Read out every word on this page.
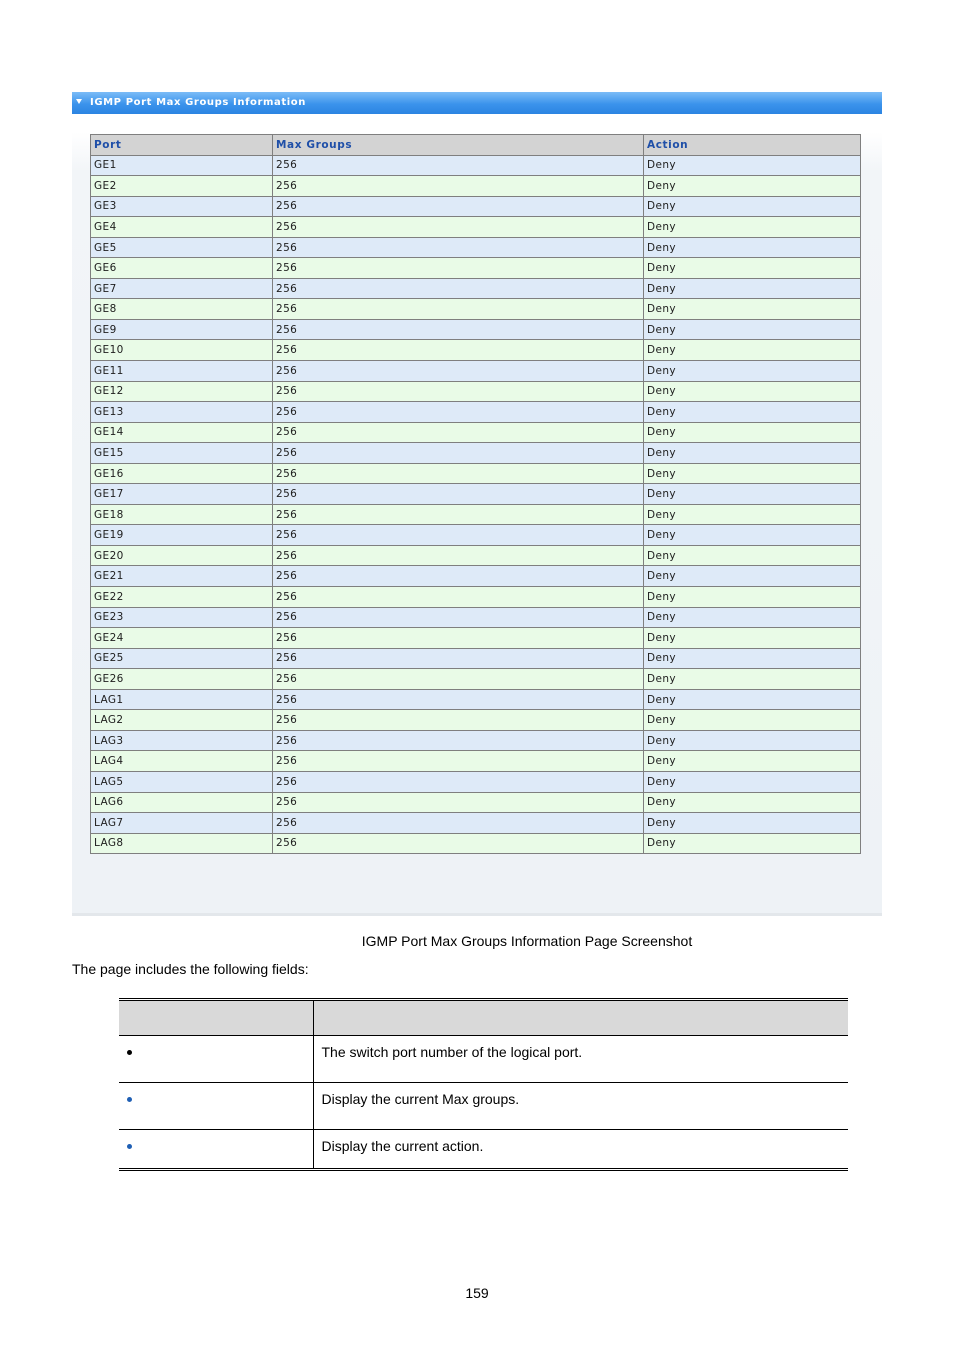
IGMP Port Max Groups Information
Port	Max Groups	Action
GE1	256	Deny
GE2	256	Deny
GE3	256	Deny
GE4	256	Deny
GE5	256	Deny
GE6	256	Deny
GE7	256	Deny
GE8	256	Deny
GE9	256	Deny
GE10	256	Deny
GE11	256	Deny
GE12	256	Deny
GE13	256	Deny
GE14	256	Deny
GE15	256	Deny
GE16	256	Deny
GE17	256	Deny
GE18	256	Deny
GE19	256	Deny
GE20	256	Deny
GE21	256	Deny
GE22	256	Deny
GE23	256	Deny
GE24	256	Deny
GE25	256	Deny
GE26	256	Deny
LAG1	256	Deny
LAG2	256	Deny
LAG3	256	Deny
LAG4	256	Deny
LAG5	256	Deny
LAG6	256	Deny
LAG7	256	Deny
LAG8	256	Deny
IGMP Port Max Groups Information Page Screenshot
The page includes the following fields:

	The switch port number of the logical port.
	Display the current Max groups.
	Display the current action.
159
